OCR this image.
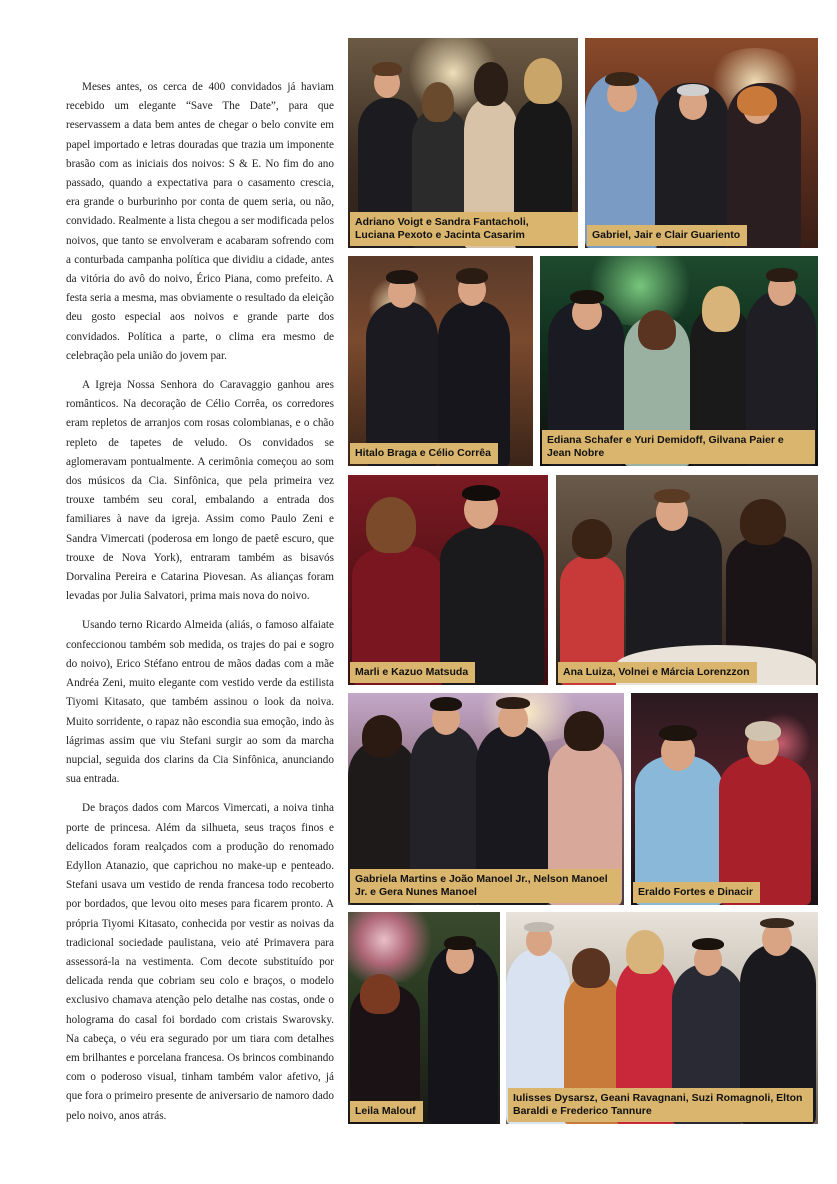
Meses antes, os cerca de 400 convidados já haviam recebido um elegante “Save The Date”, para que reservassem a data bem antes de chegar o belo convite em papel importado e letras douradas que trazia um imponente brasão com as iniciais dos noivos: S & E. No fim do ano passado, quando a expectativa para o casamento crescia, era grande o burburinho por conta de quem seria, ou não, convidado. Realmente a lista chegou a ser modificada pelos noivos, que tanto se envolveram e acabaram sofrendo com a conturbada campanha política que dividiu a cidade, antes da vitória do avô do noivo, Érico Piana, como prefeito. A festa seria a mesma, mas obviamente o resultado da eleição deu gosto especial aos noivos e grande parte dos convidados. Política a parte, o clima era mesmo de celebração pela união do jovem par.

A Igreja Nossa Senhora do Caravaggio ganhou ares românticos. Na decoração de Célio Corrêa, os corredores eram repletos de arranjos com rosas colombianas, e o chão repleto de tapetes de veludo. Os convidados se aglomeravam pontualmente. A cerimônia começou ao som dos músicos da Cia. Sinfônica, que pela primeira vez trouxe também seu coral, embalando a entrada dos familiares à nave da igreja. Assim como Paulo Zeni e Sandra Vimercati (poderosa em longo de paetê escuro, que trouxe de Nova York), entraram também as bisavós Dorvalina Pereira e Catarina Piovesan. As alianças foram levadas por Julia Salvatori, prima mais nova do noivo.

Usando terno Ricardo Almeida (aliás, o famoso alfaiate confeccionou também sob medida, os trajes do pai e sogro do noivo), Erico Stéfano entrou de mãos dadas com a mãe Andréa Zeni, muito elegante com vestido verde da estilista Tiyomi Kitasato, que também assinou o look da noiva. Muito sorridente, o rapaz não escondia sua emoção, indo às lágrimas assim que viu Stefani surgir ao som da marcha nupcial, seguida dos clarins da Cia Sinfônica, anunciando sua entrada.

De braços dados com Marcos Vimercati, a noiva tinha porte de princesa. Além da silhueta, seus traços finos e delicados foram realçados com a produção do renomado Edyllon Atanazio, que caprichou no make-up e penteado. Stefani usava um vestido de renda francesa todo recoberto por bordados, que levou oito meses para ficarem pronto. A própria Tiyomi Kitasato, conhecida por vestir as noivas da tradicional sociedade paulistana, veio até Primavera para assessorá-la na vestimenta. Com decote substituído por delicada renda que cobriam seu colo e braços, o modelo exclusivo chamava atenção pelo detalhe nas costas, onde o holograma do casal foi bordado com cristais Swarovsky. Na cabeça, o véu era segurado por um tiara com detalhes em brilhantes e porcelana francesa. Os brincos combinando com o poderoso visual, tinham também valor afetivo, já que fora o primeiro presente de aniversario de namoro dado pelo noivo, anos atrás.

Adriano Voigt e Sandra Fantacholi, Luciana Pexoto e Jacinta Casarim	Gabriel, Jair e Clair Guariento
Hitalo Braga e Célio Corrêa
Ediana Schafer e Yuri Demidoff, Gilvana Paier e Jean Nobre
Marli e Kazuo Matsuda	Ana Luiza, Volnei e Márcia Lorenzzon
Gabriela Martins e João Manoel Jr., Nelson Manoel Jr. e Gera Nunes Manoel	Eraldo Fortes e Dinacir
Leila Malouf
Iulisses Dysarsz, Geani Ravagnani, Suzi Romagnoli, Elton Baraldi e Frederico Tannure
